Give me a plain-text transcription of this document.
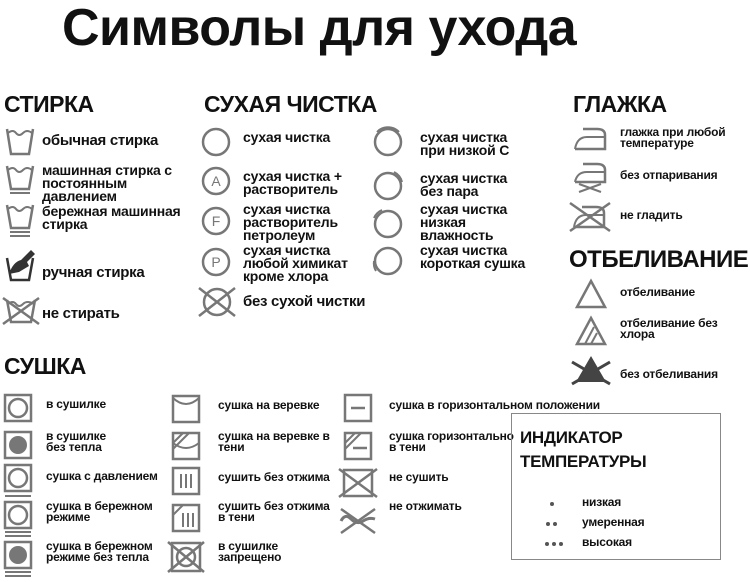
Символы для ухода
СТИРКА
обычная стирка
машинная стирка с постоянным давлением
бережная машинная стирка
ручная стирка
не стирать
СУХАЯ ЧИСТКА
сухая чистка
A сухая чистка + растворитель
F
сухая чистка растворитель петролеум
P
сухая чистка любой химикат кроме хлора
без сухой чистки
сухая чистка при низкой С
сухая чистка без пара
сухая чистка низкая влажность
сухая чистка короткая сушка
ГЛАЖКА
глажка при любой температуре
без отпаривания
не гладить
ОТБЕЛИВАНИЕ
отбеливание
отбеливание без хлора
без отбеливания
СУШКА
в сушилке
в сушилке без тепла
сушка с давлением
сушка в бережном режиме
сушка в бережном режиме без тепла
сушка на веревке
сушка на веревке в тени
сушить без отжима
сушить без отжима в тени
в сушилке запрещено
сушка в горизонтальном положении
сушка горизонтально в тени
не сушить
не отжимать
ИНДИКАТОР ТЕМПЕРАТУРЫ
низкая
умеренная
высокая
